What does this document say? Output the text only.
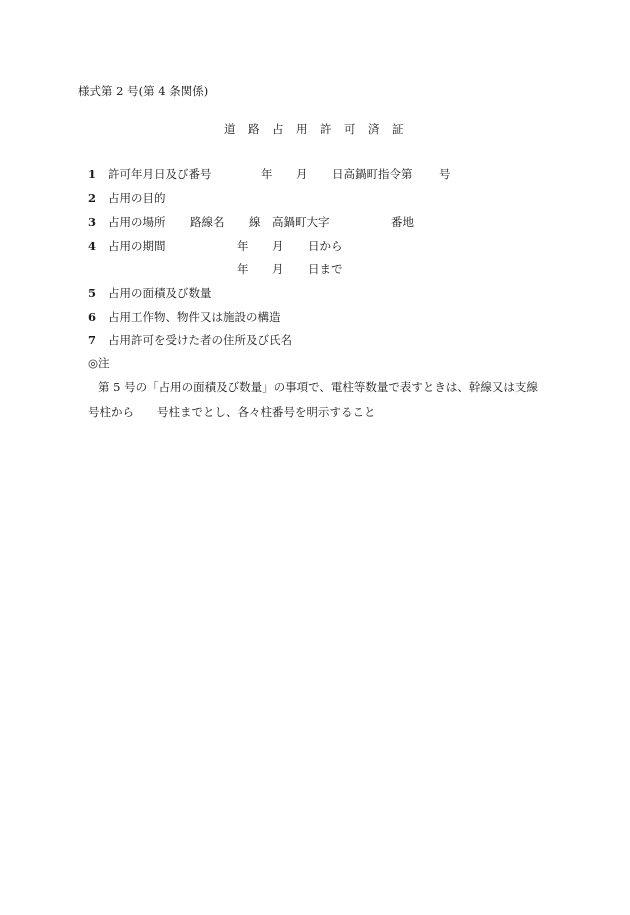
様式第 2 号(第 4 条関係)
道　路　占　用　許　可　済　証
1 許可年月日及び番号	年 月 日高鍋町指令第 号
2 占用の目的
3 占用の場所 路線名 線 高鍋町大字	番地
4 占用の期間	年 月 日から
年 月 日まで
5 占用の面積及び数量
6 占用工作物、物件又は施設の構造
7 占用許可を受けた者の住所及び氏名
◎注
第 5 号の「占用の面積及び数量」の事項で、電柱等数量で表すときは、幹線又は支線
号柱から　　号柱までとし、各々柱番号を明示すること
